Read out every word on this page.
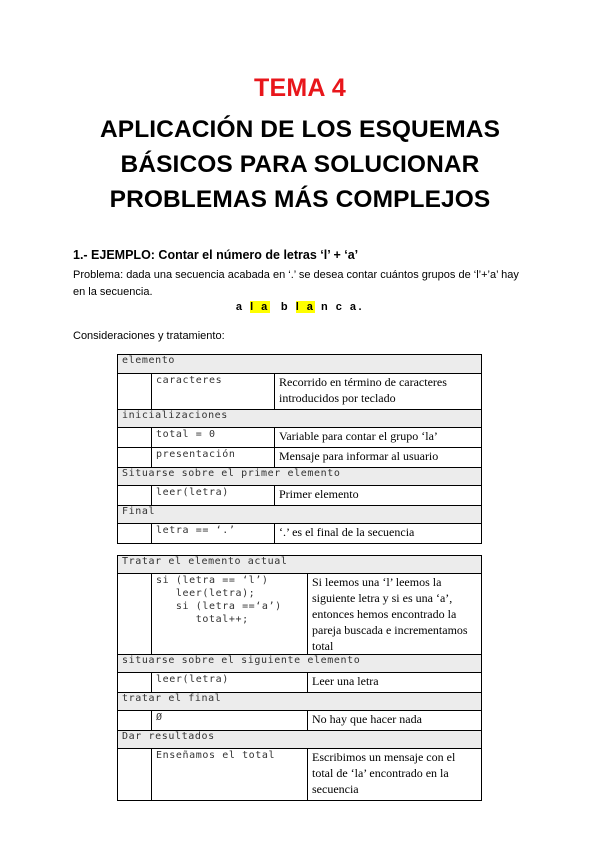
TEMA 4
APLICACIÓN DE LOS ESQUEMAS
BÁSICOS PARA SOLUCIONAR
PROBLEMAS MÁS COMPLEJOS
1.- EJEMPLO: Contar el número de letras ‘l’ + ‘a’
Problema: dada una secuencia acabada en ‘.’ se desea contar cuántos grupos de ‘l’+’a’ hay
en la secuencia.
a l a  b l a n c a.
Consideraciones y tratamiento:
elemento		
	caracteres	Recorrido en término de caracteres introducidos por teclado
inicializaciones		
	total = 0	Variable para contar el grupo ‘la’
	presentación	Mensaje para informar al usuario
Situarse sobre el primer elemento		
	leer(letra)	Primer elemento
Final		
	letra == ‘.’	‘.’ es el final de la secuencia
Tratar el elemento actual		
	si (letra == ‘l’)
leer(letra);
si (letra ==‘a’)
total++;	Si leemos una ‘l’ leemos la siguiente letra y si es una ‘a’, entonces hemos encontrado la pareja buscada e incrementamos total
situarse sobre el siguiente elemento		
	leer(letra)	Leer una letra
tratar el final		
	Ø	No hay que hacer nada
Dar resultados		
	Enseñamos el total	Escribimos un mensaje con el total de ‘la’ encontrado en la secuencia
